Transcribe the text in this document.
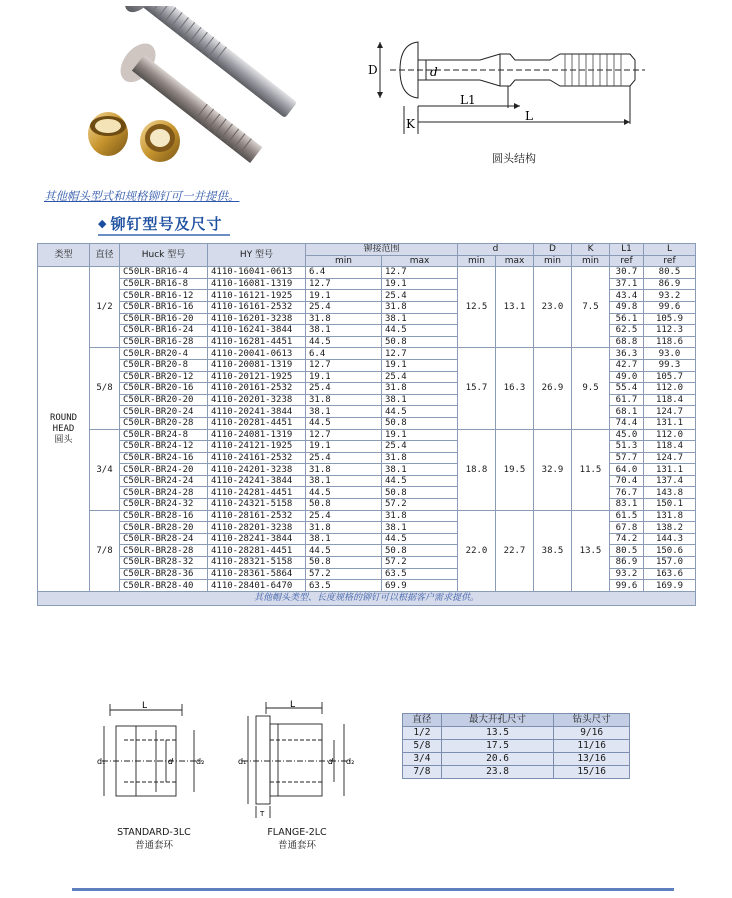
D	d
L1
L
K
圆头结构
其他帽头型式和规格铆钉可一并提供。
◆ 铆钉型号及尺寸
类型	直径	Huck 型号	HY 型号	铆接范围		d		D	K	L1	L
				min	max	min	max	min	min	ref	ref

ROUND
HEAD
圆头	1/2	C50LR-BR16-4	4110-16041-0613	6.4	12.7	12.5	13.1	23.0	7.5	30.7	80.5
		C50LR-BR16-8	4110-16081-1319	12.7	19.1					37.1	86.9
		C50LR-BR16-12	4110-16121-1925	19.1	25.4					43.4	93.2
		C50LR-BR16-16	4110-16161-2532	25.4	31.8					49.8	99.6
		C50LR-BR16-20	4110-16201-3238	31.8	38.1					56.1	105.9
		C50LR-BR16-24	4110-16241-3844	38.1	44.5					62.5	112.3
		C50LR-BR16-28	4110-16281-4451	44.5	50.8					68.8	118.6
	5/8	C50LR-BR20-4	4110-20041-0613	6.4	12.7	15.7	16.3	26.9	9.5	36.3	93.0
		C50LR-BR20-8	4110-20081-1319	12.7	19.1					42.7	99.3
		C50LR-BR20-12	4110-20121-1925	19.1	25.4					49.0	105.7
		C50LR-BR20-16	4110-20161-2532	25.4	31.8					55.4	112.0
		C50LR-BR20-20	4110-20201-3238	31.8	38.1					61.7	118.4
		C50LR-BR20-24	4110-20241-3844	38.1	44.5					68.1	124.7
		C50LR-BR20-28	4110-20281-4451	44.5	50.8					74.4	131.1
	3/4	C50LR-BR24-8	4110-24081-1319	12.7	19.1	18.8	19.5	32.9	11.5	45.0	112.0
		C50LR-BR24-12	4110-24121-1925	19.1	25.4					51.3	118.4
		C50LR-BR24-16	4110-24161-2532	25.4	31.8					57.7	124.7
		C50LR-BR24-20	4110-24201-3238	31.8	38.1					64.0	131.1
		C50LR-BR24-24	4110-24241-3844	38.1	44.5					70.4	137.4
		C50LR-BR24-28	4110-24281-4451	44.5	50.8					76.7	143.8
		C50LR-BR24-32	4110-24321-5158	50.8	57.2					83.1	150.1
	7/8	C50LR-BR28-16	4110-28161-2532	25.4	31.8	22.0	22.7	38.5	13.5	61.5	131.8
		C50LR-BR28-20	4110-28201-3238	31.8	38.1					67.8	138.2
		C50LR-BR28-24	4110-28241-3844	38.1	44.5					74.2	144.3
		C50LR-BR28-28	4110-28281-4451	44.5	50.8					80.5	150.6
		C50LR-BR28-32	4110-28321-5158	50.8	57.2					86.9	157.0
		C50LR-BR28-36	4110-28361-5864	57.2	63.5					93.2	163.6
		C50LR-BR28-40	4110-28401-6470	63.5	69.9					99.6	169.9
其他帽头类型、长度规格的铆钉可以根据客户需求提供。											
L
d₁	d	d₂
STANDARD-3LC
普通套环
L
d₁	d d₂
T
FLANGE-2LC
普通套环
直径	最大开孔尺寸	钻头尺寸
1/2	13.5	9/16
5/8	17.5	11/16
3/4	20.6	13/16
7/8	23.8	15/16
